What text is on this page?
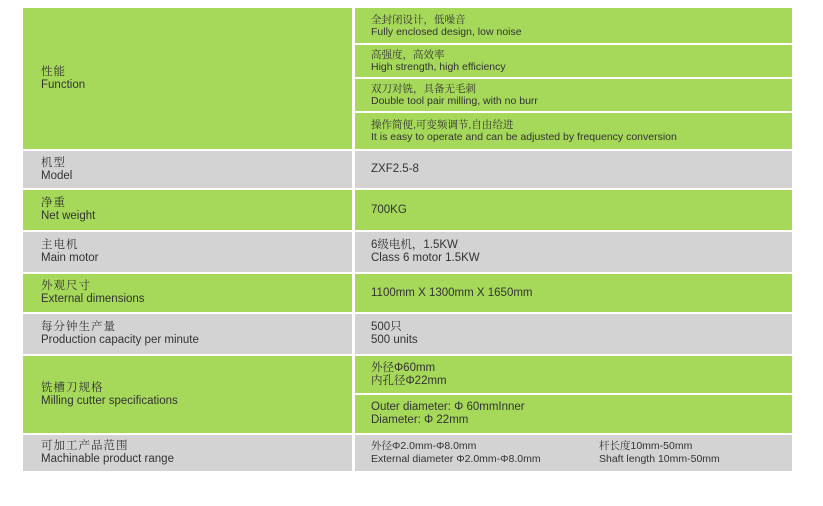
性能
Function
全封闭设计，低噪音
Fully enclosed design, low noise
高强度，高效率
High strength, high efficiency
双刀对铣，具备无毛刺
Double tool pair milling, with no burr
操作简便,可变频调节,自由给进
It is easy to operate and can be adjusted by frequency conversion
机型
Model
ZXF2.5-8
净重
Net weight
700KG
主电机
Main motor
6级电机，1.5KW
Class 6 motor 1.5KW
外观尺寸
External dimensions
1100mm X 1300mm X 1650mm
每分钟生产量
Production capacity per minute
500只
500 units
铣槽刀规格
Milling cutter specifications
外径Φ60mm
内孔径Φ22mm
Outer diameter: Φ 60mmInner
Diameter: Φ 22mm
可加工产品范围
Machinable product range
外径Φ2.0mm-Φ8.0mm
External diameter Φ2.0mm-Φ8.0mm
杆长度10mm-50mm
Shaft length 10mm-50mm
